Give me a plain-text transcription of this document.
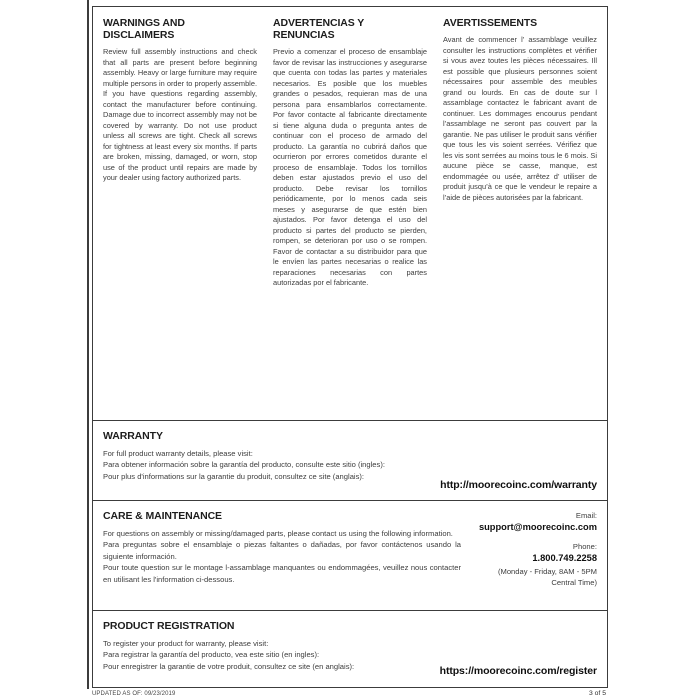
WARNINGS AND DISCLAIMERS
Review full assembly instructions and check that all parts are present before beginning assembly. Heavy or large furniture may require multiple persons in order to properly assemble. If you have questions regarding assembly, contact the manufacturer before continuing. Damage due to incorrect assembly may not be covered by warranty. Do not use product unless all screws are tight. Check all screws for tightness at least every six months. If parts are broken, missing, damaged, or worn, stop use of the product until repairs are made by your dealer using factory authorized parts.
ADVERTENCIAS Y RENUNCIAS
Previo a comenzar el proceso de ensamblaje favor de revisar las instrucciones y asegurarse que cuenta con todas las partes y materiales necesarios. Es posible que los muebles grandes o pesados, requieran mas de una persona para ensamblarlos correctamente. Por favor contacte al fabricante directamente si tiene alguna duda o pregunta antes de continuar con el proceso de armado del producto. La garantía no cubrirá daños que ocurrieron por errores cometidos durante el proceso de ensamblaje. Todos los tornillos deben estar ajustados previo el uso del producto. Debe revisar los tornillos periódicamente, por lo menos cada seis meses y asegurarse de que estén bien ajustados. Por favor detenga el uso del producto si partes del producto se pierden, rompen, se deterioran por uso o se rompen. Favor de contactar a su distribuidor para que le envíen las partes necesarias o realice las reparaciones necesarias con partes autorizadas por el fabricante.
AVERTISSEMENTS
Avant de commencer l’ assamblage veuillez consulter les instructions complètes et vérifier si vous avez toutes les pièces nécessaires. Ill est possible que plusieurs personnes soient nécessaires pour assemble des meubles grand ou lourds. En cas de doute sur l assamblage contactez le fabricant avant de continuer. Les dommages encourus pendant l’assamblage ne seront pas couvert par la garantie. Ne pas utiliser le produit sans vérifier que tous les vis soient serrées. Vérifiez que les vis sont serrées au moins tous le 6 mois. Si aucune pièce se casse, manque, est endommagée ou usée, arrêtez d’ utiliser de produit jusqu’à ce que le vendeur le repaire a l’aide de pièces autorisées par la fabricant.
WARRANTY

For full product warranty details, please visit:

Para obtener información sobre la garantía del producto, consulte este sitio (ingles):

Pour plus d'informations sur la garantie du produit, consultez ce site (anglais):

http://moorecoinc.com/warranty
CARE & MAINTENANCE

For questions on assembly or missing/damaged parts, please contact us using the following information.

Para preguntas sobre el ensamblaje o piezas faltantes o dañadas, por favor contáctenos usando la siguiente información.

Pour toute question sur le montage l-assamblage manquantes ou endommagées, veuillez nous contacter en utilisant les l'information ci-dessous.

Email:
support@moorecoinc.com
Phone:
1.800.749.2258
(Monday - Friday, 8AM - 5PM
Central Time)
PRODUCT REGISTRATION

To register your product for warranty, please visit:

Para registrar la garantía del producto, vea este sitio (en ingles):

Pour enregistrer la garantie de votre produit, consultez ce site (en anglais):	https://moorecoinc.com/register
UPDATED AS OF: 09/23/2019	3 of 5
